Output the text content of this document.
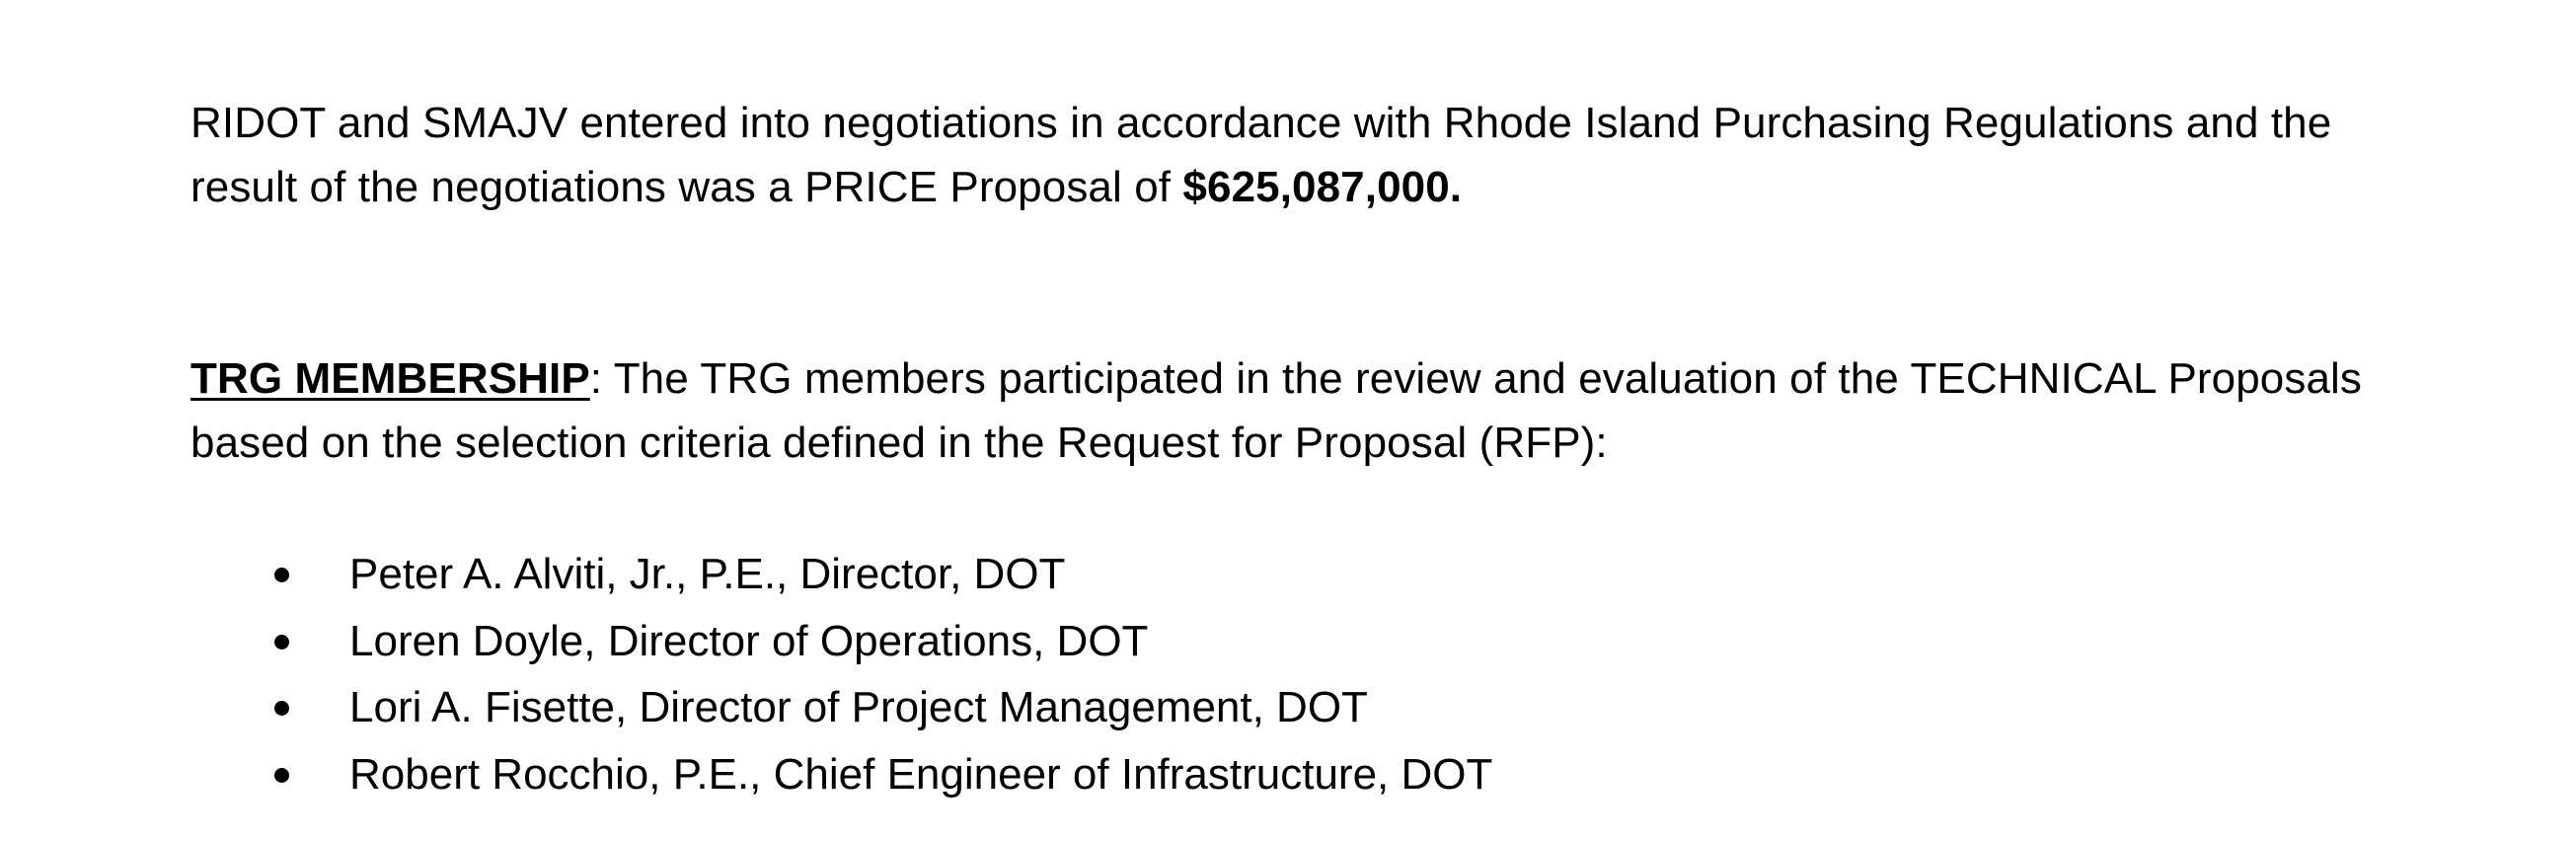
RIDOT and SMAJV entered into negotiations in accordance with Rhode Island Purchasing Regulations and the result of the negotiations was a PRICE Proposal of $625,087,000.

TRG MEMBERSHIP: The TRG members participated in the review and evaluation of the TECHNICAL Proposals based on the selection criteria defined in the Request for Proposal (RFP):

Peter A. Alviti, Jr., P.E., Director, DOT
Loren Doyle, Director of Operations, DOT
Lori A. Fisette, Director of Project Management, DOT
Robert Rocchio, P.E., Chief Engineer of Infrastructure, DOT
